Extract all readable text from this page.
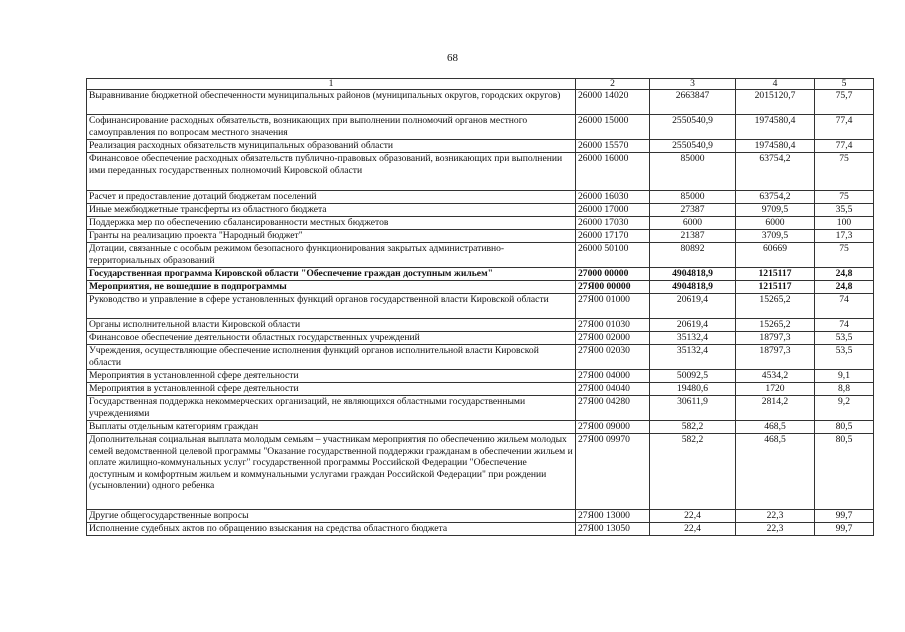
68
1	2	3	4	5
Выравнивание бюджетной обеспеченности муниципальных районов (муниципальных округов, городских округов)	26000 14020	2663847	2015120,7	75,7
Софинансирование расходных обязательств, возникающих при выполнении полномочий органов местного самоуправления по вопросам местного значения	26000 15000	2550540,9	1974580,4	77,4
Реализация расходных обязательств муниципальных образований области	26000 15570	2550540,9	1974580,4	77,4
Финансовое обеспечение расходных обязательств публично-правовых образований, возникающих при выполнении ими переданных государственных полномочий Кировской области	26000 16000	85000	63754,2	75
Расчет и предоставление дотаций бюджетам поселений	26000 16030	85000	63754,2	75
Иные межбюджетные трансферты из областного бюджета	26000 17000	27387	9709,5	35,5
Поддержка мер по обеспечению сбалансированности местных бюджетов	26000 17030	6000	6000	100
Гранты на реализацию проекта "Народный бюджет"	26000 17170	21387	3709,5	17,3
Дотации, связанные с особым режимом безопасного функционирования закрытых административно-территориальных образований	26000 50100	80892	60669	75
Государственная программа Кировской области "Обеспечение граждан доступным жильем"	27000 00000	4904818,9	1215117	24,8
Мероприятия, не вошедшие в подпрограммы	27Я00 00000	4904818,9	1215117	24,8
Руководство и управление в сфере установленных функций органов государственной власти Кировской области	27Я00 01000	20619,4	15265,2	74
Органы исполнительной власти Кировской области	27Я00 01030	20619,4	15265,2	74
Финансовое обеспечение деятельности областных государственных учреждений	27Я00 02000	35132,4	18797,3	53,5
Учреждения, осуществляющие обеспечение исполнения функций органов исполнительной власти Кировской области	27Я00 02030	35132,4	18797,3	53,5
Мероприятия в установленной сфере деятельности	27Я00 04000	50092,5	4534,2	9,1
Мероприятия в установленной сфере деятельности	27Я00 04040	19480,6	1720	8,8
Государственная поддержка некоммерческих организаций, не являющихся областными государственными учреждениями	27Я00 04280	30611,9	2814,2	9,2
Выплаты отдельным категориям граждан	27Я00 09000	582,2	468,5	80,5
Дополнительная социальная выплата молодым семьям – участникам мероприятия по обеспечению жильем молодых семей ведомственной целевой программы "Оказание государственной поддержки гражданам в обеспечении жильем и оплате жилищно-коммунальных услуг" государственной программы Российской Федерации "Обеспечение доступным и комфортным жильем и коммунальными услугами граждан Российской Федерации" при рождении (усыновлении) одного ребенка	27Я00 09970	582,2	468,5	80,5
Другие общегосударственные вопросы	27Я00 13000	22,4	22,3	99,7
Исполнение судебных актов по обращению взыскания на средства областного бюджета	27Я00 13050	22,4	22,3	99,7
